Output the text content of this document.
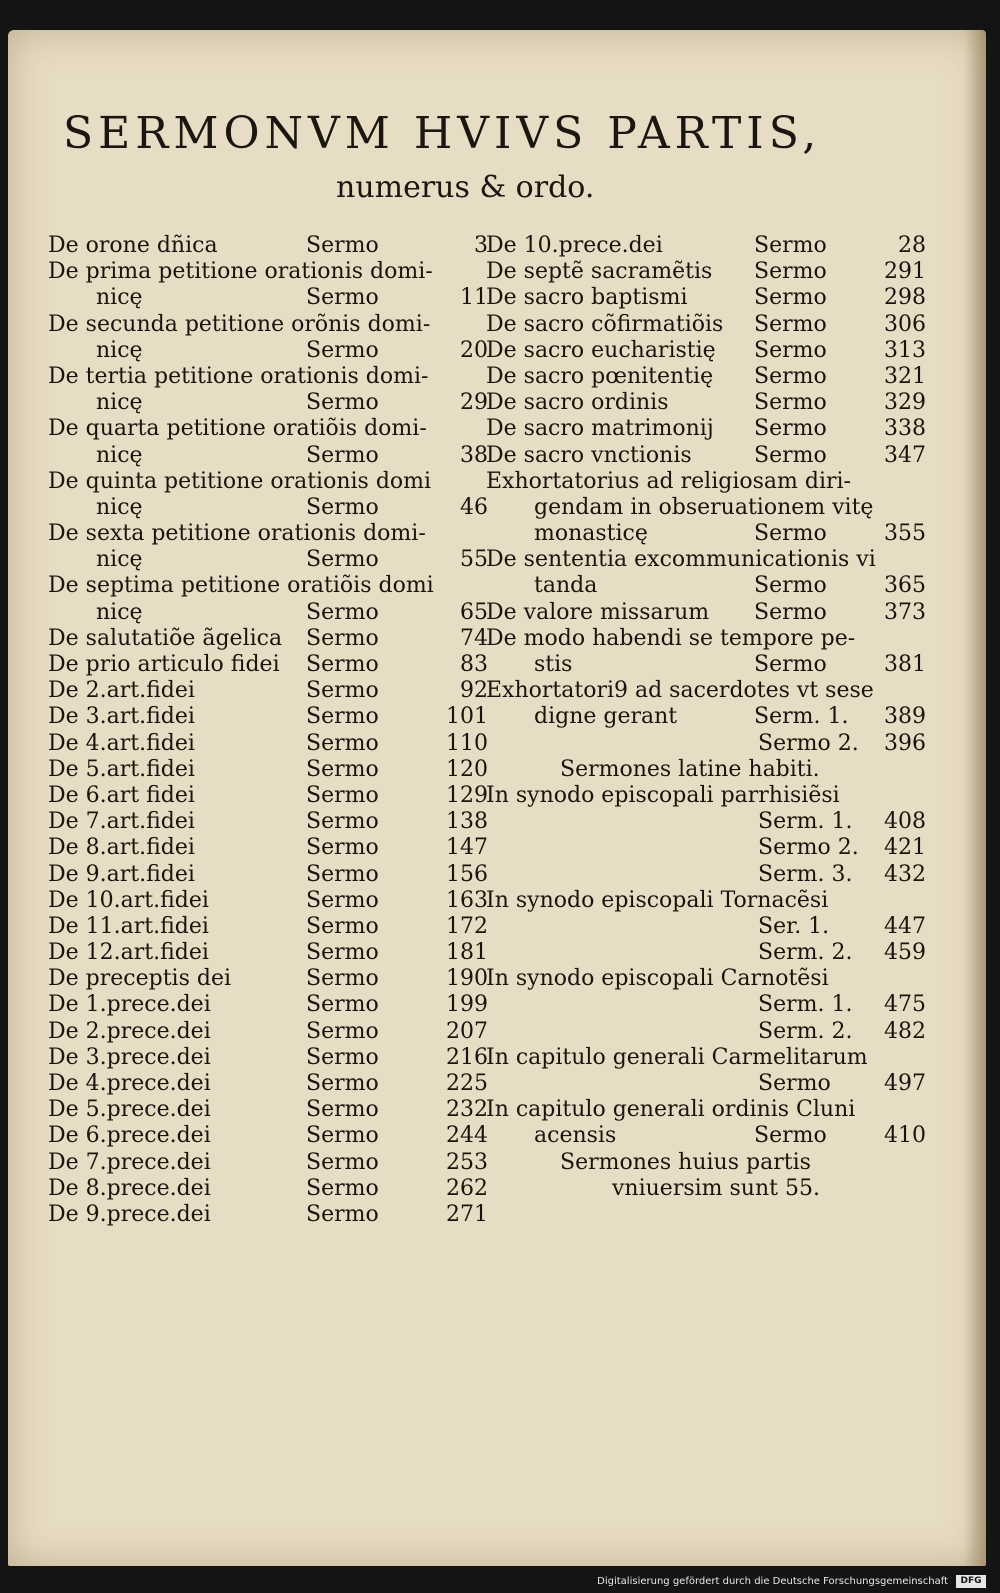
SERMONVM HVIVS PARTIS,
numerus & ordo.
De orone dñica	Sermo	3
De prima petitione orationis domi-
nicę	Sermo	11
De secunda petitione orõnis domi-
nicę	Sermo	20
De tertia petitione orationis domi-
nicę	Sermo	29
De quarta petitione oratiõis domi-
nicę	Sermo	38
De quinta petitione orationis domi
nicę	Sermo	46
De sexta petitione orationis domi-
nicę	Sermo	55
De septima petitione oratiõis domi
nicę	Sermo	65
De salutatiõe ãgelica Sermo	74
De prio articulo fidei Sermo	83
De 2.art.fidei	Sermo	92
De 3.art.fidei	Sermo	101
De 4.art.fidei	Sermo	110
De 5.art.fidei	Sermo	120
De 6.art fidei	Sermo	129
De 7.art.fidei	Sermo	138
De 8.art.fidei	Sermo	147
De 9.art.fidei	Sermo	156
De 10.art.fidei	Sermo	163
De 11.art.fidei	Sermo	172
De 12.art.fidei	Sermo	181
De preceptis dei	Sermo	190
De 1.prece.dei	Sermo	199
De 2.prece.dei	Sermo	207
De 3.prece.dei	Sermo	216
De 4.prece.dei	Sermo	225
De 5.prece.dei	Sermo	232
De 6.prece.dei	Sermo	244
De 7.prece.dei	Sermo	253
De 8.prece.dei	Sermo	262
De 9.prece.dei	Sermo	271
De 10.prece.dei	Sermo	28
De septẽ sacramẽtis Sermo	291
De sacro baptismi	Sermo	298
De sacro cõfirmatiõis Sermo	306
De sacro eucharistię Sermo	313
De sacro pœnitentię Sermo	321
De sacro ordinis	Sermo	329
De sacro matrimonij Sermo	338
De sacro vnctionis	Sermo	347
Exhortatorius ad religiosam diri-
gendam in obseruationem vitę
monasticę	Sermo	355
De sententia excommunicationis vi
tanda	Sermo	365
De valore missarum Sermo	373
De modo habendi se tempore pe-
stis	Sermo	381
Exhortatori9 ad sacerdotes vt sese
digne gerant	Serm. 1. 389
Sermo 2. 396
Sermones latine habiti.
In synodo episcopali parrhisiẽsi
Serm. 1. 408
Sermo 2. 421
Serm. 3. 432
In synodo episcopali Tornacẽsi
Ser. 1. 447
Serm. 2. 459
In synodo episcopali Carnotẽsi
Serm. 1. 475
Serm. 2. 482
In capitulo generali Carmelitarum
Sermo 497
In capitulo generali ordinis Cluni
acensis	Sermo	410
Sermones huius partis
vniuersim sunt 55.
Digitalisierung gefördert durch die Deutsche Forschungsgemeinschaft	DFG
